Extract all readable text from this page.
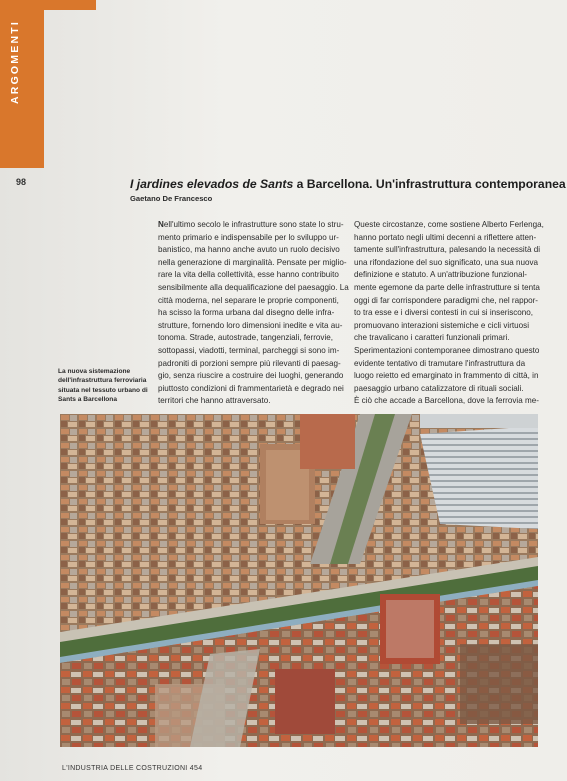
ARGOMENTI
98	I jardines elevados de Sants a Barcellona. Un'infrastruttura contemporanea
Gaetano De Francesco

Nell'ultimo secolo le infrastrutture sono state lo stru-
mento primario e indispensabile per lo sviluppo ur-
banistico, ma hanno anche avuto un ruolo decisivo
nella generazione di marginalità. Pensate per miglio-
rare la vita della collettività, esse hanno contribuito
sensibilmente alla dequalificazione del paesaggio. La
città moderna, nel separare le proprie componenti,
ha scisso la forma urbana dal disegno delle infra-
strutture, fornendo loro dimensioni inedite e vita au-
tonoma. Strade, autostrade, tangenziali, ferrovie,
sottopassi, viadotti, terminal, parcheggi si sono im-
padroniti di porzioni sempre più rilevanti di paesag-
gio, senza riuscire a costruire dei luoghi, generando
piuttosto condizioni di frammentarietà e degrado nei
territori che hanno attraversato.

Queste circostanze, come sostiene Alberto Ferlenga,
hanno portato negli ultimi decenni a riflettere atten-
tamente sull'infrastruttura, palesando la necessità di
una rifondazione del suo significato, una sua nuova
definizione e statuto. A un'attribuzione funzional-
mente egemone da parte delle infrastrutture si tenta
oggi di far corrispondere paradigmi che, nel rappor-
to tra esse e i diversi contesti in cui si inseriscono,
promuovano interazioni sistemiche e cicli virtuosi
che travalicano i caratteri funzionali primari.
Sperimentazioni contemporanee dimostrano questo
evidente tentativo di tramutare l'infrastruttura da
luogo reietto ed emarginato in frammento di città, in
paesaggio urbano catalizzatore di rituali sociali.
È ciò che accade a Barcellona, dove la ferrovia me-

La nuova sistemazione
dell'infrastruttura ferroviaria
situata nel tessuto urbano di
Sants a Barcellona
L'INDUSTRIA DELLE COSTRUZIONI 454
